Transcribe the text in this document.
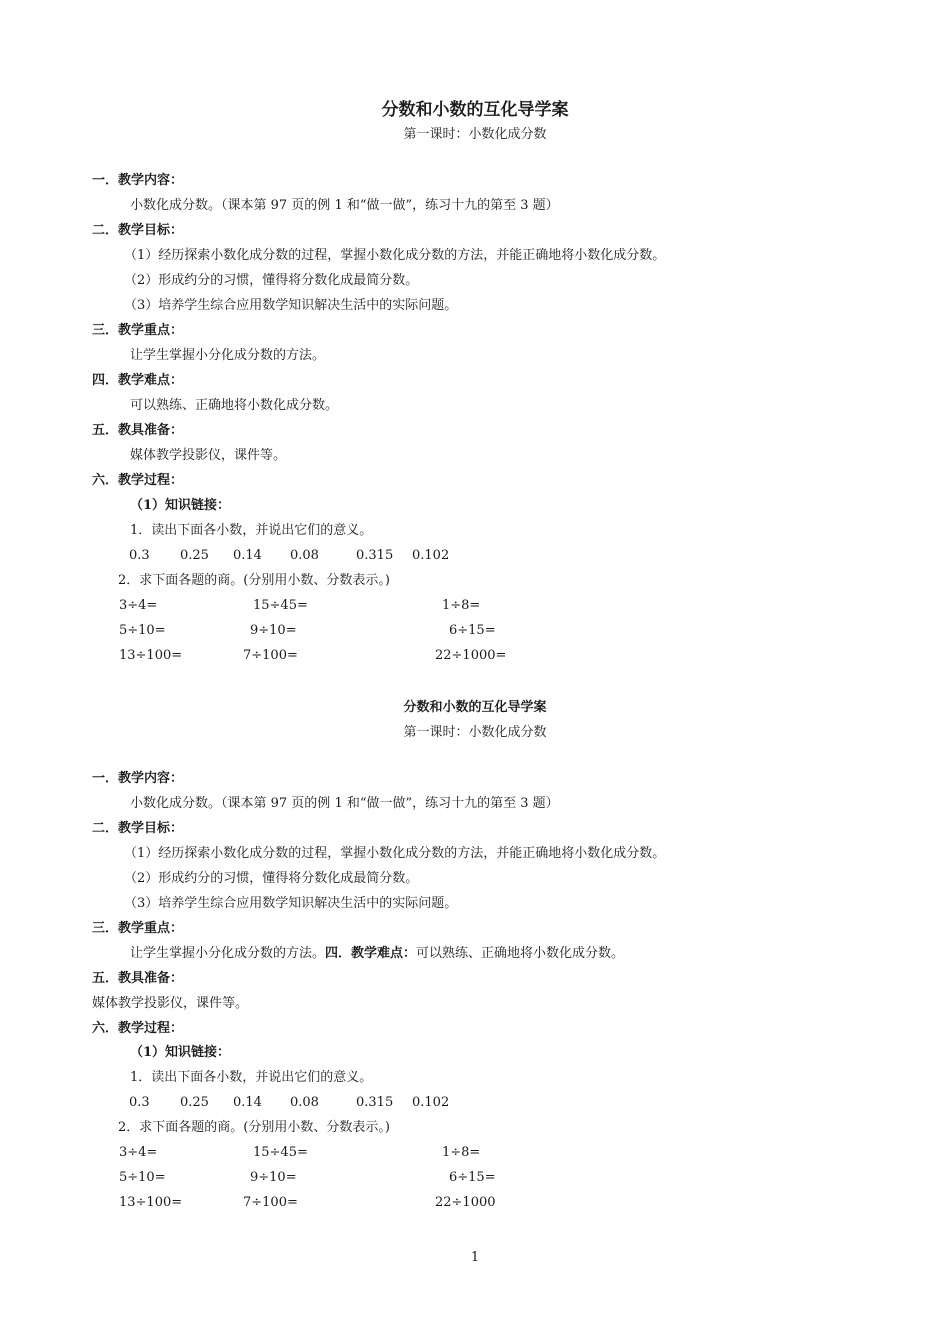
分数和小数的互化导学案
第一课时：小数化成分数
一．教学内容：
小数化成分数。（课本第 97 页的例 1 和“做一做”，练习十九的第至 3 题）
二．教学目标：
（1）经历探索小数化成分数的过程，掌握小数化成分数的方法，并能正确地将小数化成分数。
（2）形成约分的习惯，懂得将分数化成最简分数。
（3）培养学生综合应用数学知识解决生活中的实际问题。
三．教学重点：
让学生掌握小分化成分数的方法。
四．教学难点：
可以熟练、正确地将小数化成分数。
五．教具准备：
媒体教学投影仪，课件等。
六．教学过程：
（1）知识链接：
1．读出下面各小数，并说出它们的意义。
0.3 0.25 0.14 0.08	0.315 0.102
2．求下面各题的商。(分别用小数、分数表示。)
3÷4=	15÷45=	1÷8=
5÷10=	9÷10=	6÷15=
13÷100=	7÷100=	22÷1000=
分数和小数的互化导学案
第一课时：小数化成分数
一．教学内容：
小数化成分数。（课本第 97 页的例 1 和“做一做”，练习十九的第至 3 题）
二．教学目标：
（1）经历探索小数化成分数的过程，掌握小数化成分数的方法，并能正确地将小数化成分数。
（2）形成约分的习惯，懂得将分数化成最简分数。
（3）培养学生综合应用数学知识解决生活中的实际问题。
三．教学重点：
让学生掌握小分化成分数的方法。四．教学难点：可以熟练、正确地将小数化成分数。
五．教具准备：
媒体教学投影仪，课件等。
六．教学过程：
（1）知识链接：
1．读出下面各小数，并说出它们的意义。
0.3 0.25 0.14 0.08	0.315 0.102
2．求下面各题的商。(分别用小数、分数表示。)
3÷4=	15÷45=	1÷8=
5÷10=	9÷10=	6÷15=
13÷100=	7÷100=	22÷1000
1
